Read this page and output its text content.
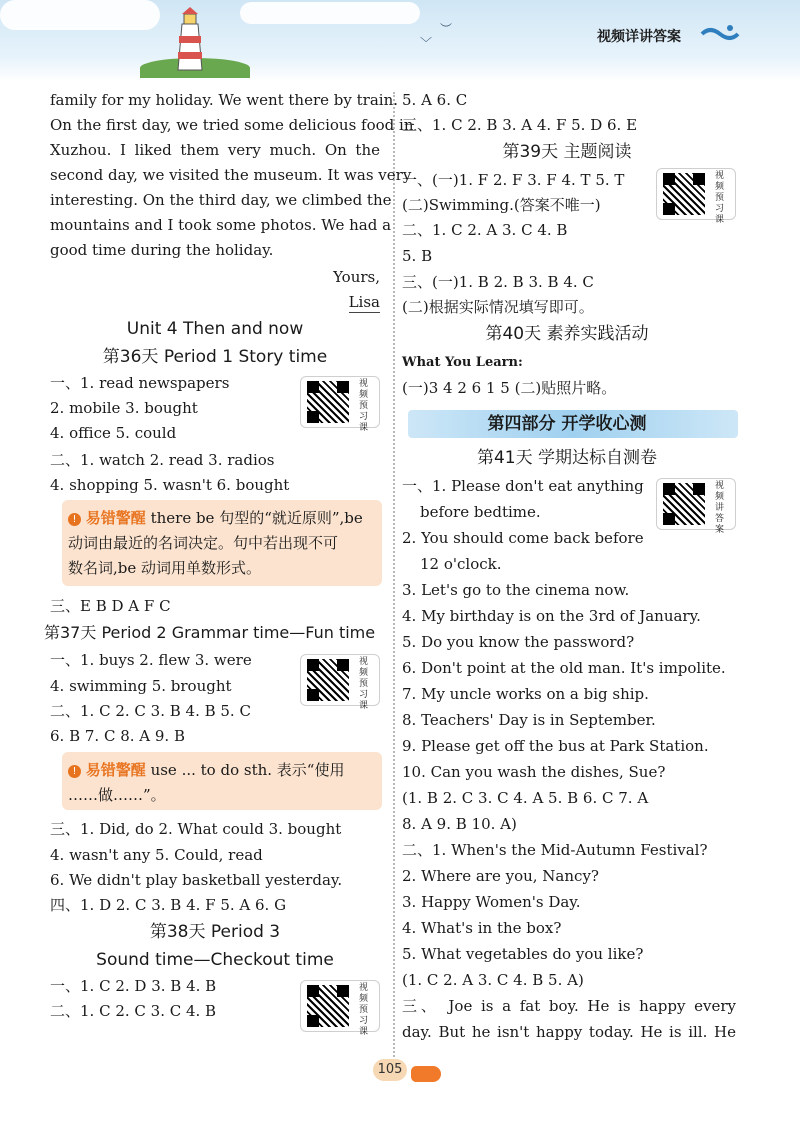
︶
﹀	视频详讲答案
family for my holiday. We went there by train.
On the first day, we tried some delicious food in
Xuzhou. I liked them very much. On the
second day, we visited the museum. It was very
interesting. On the third day, we climbed the
mountains and I took some photos. We had a
good time during the holiday.
Yours,
Lisa
Unit 4 Then and now
第36天 Period 1 Story time
一、1. read newspapers
2. mobile 3. bought
4. office 5. could
二、1. watch 2. read 3. radios
4. shopping 5. wasn't 6. bought
! 易错警醒 there be 句型的“就近原则”,be
动词由最近的名词决定。句中若出现不可
数名词,be 动词用单数形式。
三、E B D A F C
第37天 Period 2 Grammar time—Fun time
一、1. buys 2. flew 3. were
4. swimming 5. brought
二、1. C 2. C 3. B 4. B 5. C
6. B 7. C 8. A 9. B
! 易错警醒 use ... to do sth. 表示“使用
……做……”。
三、1. Did, do 2. What could 3. bought
4. wasn't any 5. Could, read
6. We didn't play basketball yesterday.
四、1. D 2. C 3. B 4. F 5. A 6. G
第38天 Period 3
Sound time—Checkout time
一、1. C 2. D 3. B 4. B
二、1. C 2. C 3. C 4. B
视频预习课
视频预习课
视频预习课
5. A 6. C
三、1. C 2. B 3. A 4. F 5. D 6. E
第39天 主题阅读
一、(一)1. F 2. F 3. F 4. T 5. T
(二)Swimming.(答案不唯一)
二、1. C 2. A 3. C 4. B
5. B
三、(一)1. B 2. B 3. B 4. C
(二)根据实际情况填写即可。
第40天 素养实践活动
What You Learn:
(一)3 4 2 6 1 5 (二)贴照片略。
第四部分 开学收心测
第41天 学期达标自测卷
一、1. Please don't eat anything
before bedtime.
2. You should come back before
12 o'clock.
3. Let's go to the cinema now.
4. My birthday is on the 3rd of January.
5. Do you know the password?
6. Don't point at the old man. It's impolite.
7. My uncle works on a big ship.
8. Teachers' Day is in September.
9. Please get off the bus at Park Station.
10. Can you wash the dishes, Sue?
(1. B 2. C 3. C 4. A 5. B 6. C 7. A
8. A 9. B 10. A)
二、1. When's the Mid-Autumn Festival?
2. Where are you, Nancy?
3. Happy Women's Day.
4. What's in the box?
5. What vegetables do you like?
(1. C 2. A 3. C 4. B 5. A)
三、 Joe is a fat boy. He is happy every
day. But he isn't happy today. He is ill. He
视频预习课
视频讲答案
105
